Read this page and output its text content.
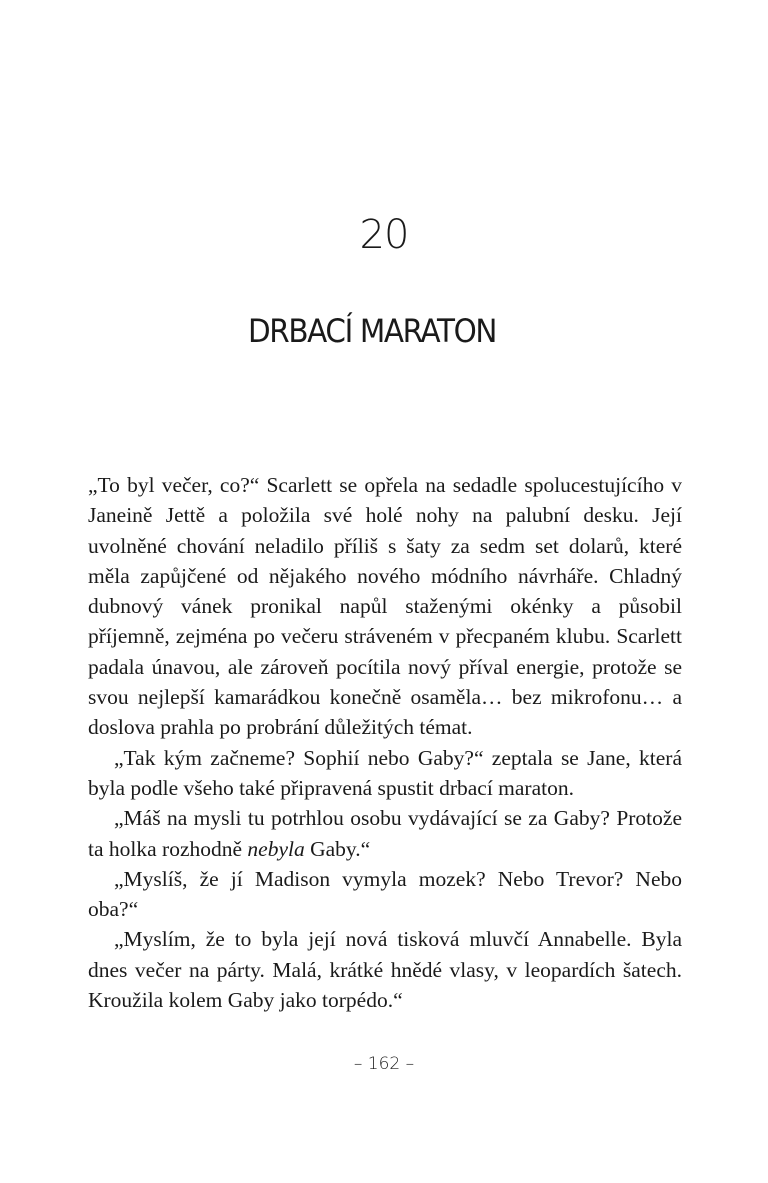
20
DRBACÍ MARATON

„To byl večer, co?“ Scarlett se opřela na sedadle spolucestujícího v Janeině Jettě a položila své holé nohy na palubní desku. Její uvolněné chování neladilo příliš s šaty za sedm set dolarů, které měla zapůjčené od nějakého nového módního návrháře. Chladný dubnový vánek pronikal napůl staženými okénky a působil příjemně, zejména po večeru stráveném v přecpaném klubu. Scarlett padala únavou, ale zároveň pocítila nový příval energie, protože se svou nejlepší kamarádkou konečně osaměla… bez mikrofonu… a doslova prahla po probrání důležitých témat.

„Tak kým začneme? Sophií nebo Gaby?“ zeptala se Jane, která byla podle všeho také připravená spustit drbací maraton.

„Máš na mysli tu potrhlou osobu vydávající se za Gaby? Protože ta holka rozhodně nebyla Gaby.“

„Myslíš, že jí Madison vymyla mozek? Nebo Trevor? Nebo oba?“

„Myslím, že to byla její nová tisková mluvčí Annabelle. Byla dnes večer na párty. Malá, krátké hnědé vlasy, v leopardích šatech. Kroužila kolem Gaby jako torpédo.“

– 162 –
